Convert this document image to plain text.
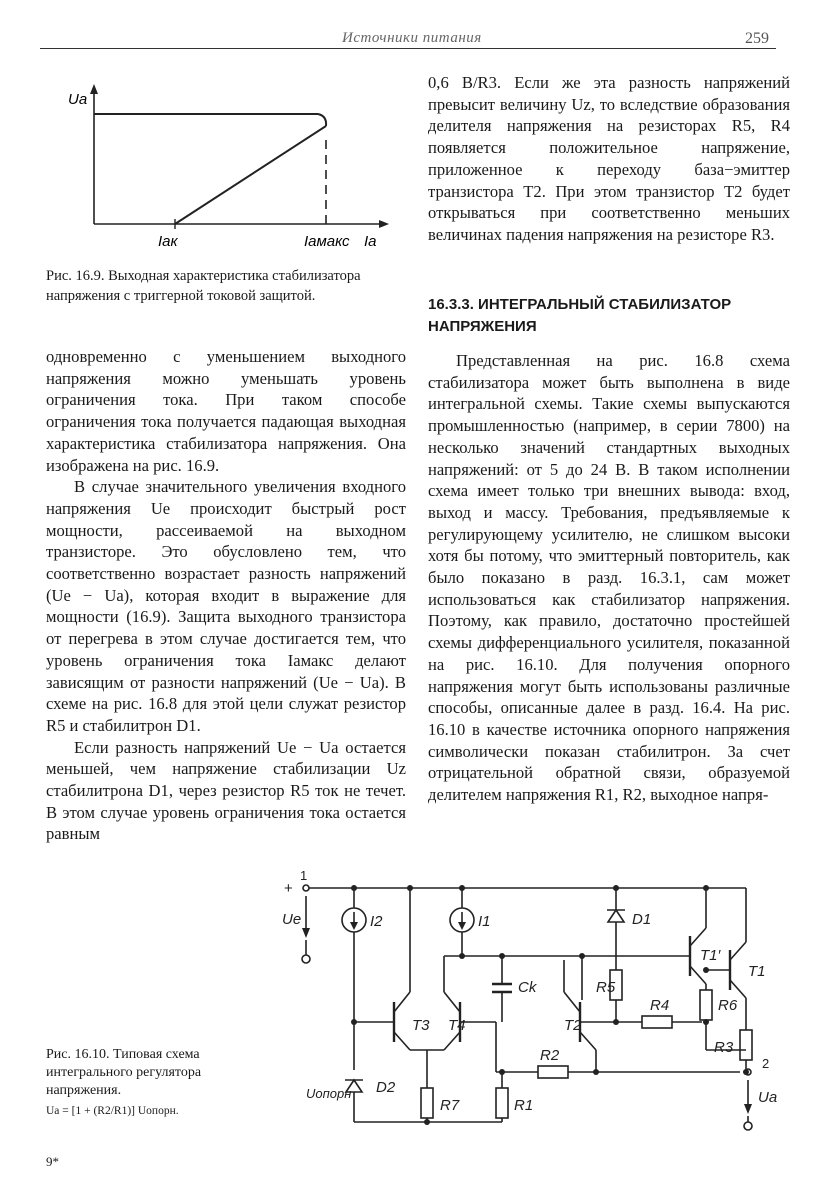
Источники питания	259
Uа
Iак	Iамакс Iа
Рис. 16.9. Выходная характеристика стабилизатора напряжения с триггерной токовой защитой.

одновременно с уменьшением выходного напряжения можно уменьшать уровень ограничения тока. При таком способе ограничения тока получается падающая выходная характеристика стабилизатора напряжения. Она изображена на рис. 16.9.

В случае значительного увеличения входного напряжения Uе происходит быстрый рост мощности, рассеиваемой на выходном транзисторе. Это обусловлено тем, что соответственно возрастает разность напряжений (Uе − Uа), которая входит в выражение для мощности (16.9). Защита выходного транзистора от перегрева в этом случае достигается тем, что уровень ограничения тока Iамакс делают зависящим от разности напряжений (Uе − Uа). В схеме на рис. 16.8 для этой цели служат резистор R5 и стабилитрон D1.

Если разность напряжений Uе − Uа остается меньшей, чем напряжение стабилизации Uz стабилитрона D1, через резистор R5 ток не течет. В этом случае уровень ограничения тока остается равным

0,6 В/R3. Если же эта разность напряжений превысит величину Uz, то вследствие образования делителя напряжения на резисторах R5, R4 появляется положительное напряжение, приложенное к переходу база−эмиттер транзистора T2. При этом транзистор T2 будет открываться при соответственно меньших величинах падения напряжения на резисторе R3.

16.3.3. ИНТЕГРАЛЬНЫЙ СТАБИЛИЗАТОР НАПРЯЖЕНИЯ

Представленная на рис. 16.8 схема стабилизатора может быть выполнена в виде интегральной схемы. Такие схемы выпускаются промышленностью (например, в серии 7800) на несколько значений стандартных выходных напряжений: от 5 до 24 В. В таком исполнении схема имеет только три внешних вывода: вход, выход и массу. Требования, предъявляемые к регулирующему усилителю, не слишком высоки хотя бы потому, что эмиттерный повторитель, как было показано в разд. 16.3.1, сам может использоваться как стабилизатор напряжения. Поэтому, как правило, достаточно простейшей схемы дифференциального усилителя, показанной на рис. 16.10. Для получения опорного напряжения могут быть использованы различные способы, описанные далее в разд. 16.4. На рис. 16.10 в качестве источника опорного напряжения символически показан стабилитрон. За счет отрицательной обратной связи, образуемой делителем напряжения R1, R2, выходное напря-

Рис. 16.10. Типовая схема интегрального регулятора напряжения.
Uа = [1 + (R2/R1)] Uопорн.
+
1
Ue	I2	I1
Ck
D1
D2
Uопорн
T3 T4	T2
T1′
T1
R7	R1
R2
R5
R4	R6
R3
2
Ua
9*
